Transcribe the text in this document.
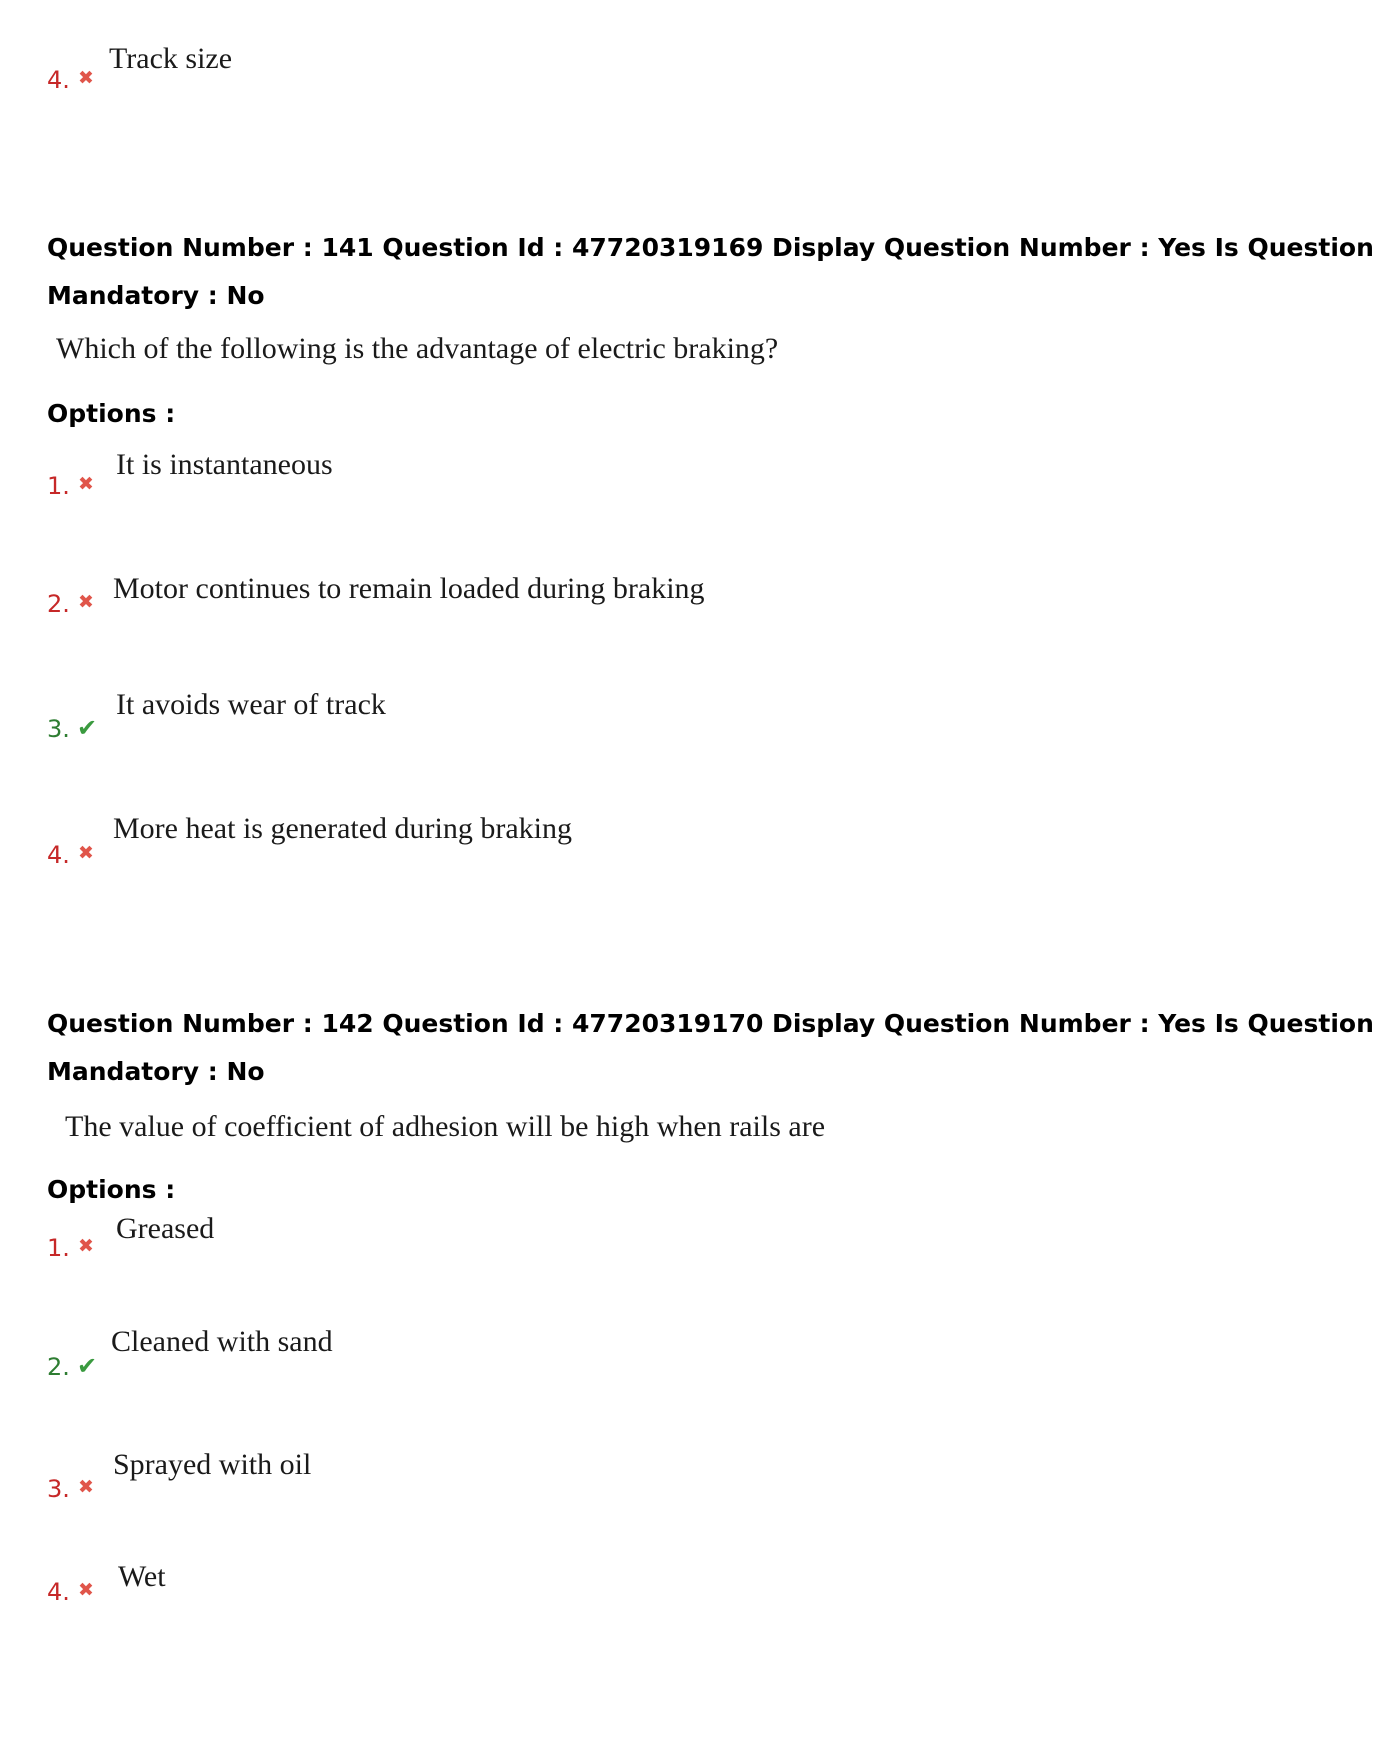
4. ✖
Track size
Question Number : 141 Question Id : 47720319169 Display Question Number : Yes Is Question
Mandatory : No
Which of the following is the advantage of electric braking?
Options :
1. ✖
It is instantaneous
2. ✖ Motor continues to remain loaded during braking
3. ✔
It avoids wear of track
4. ✖
More heat is generated during braking
Question Number : 142 Question Id : 47720319170 Display Question Number : Yes Is Question
Mandatory : No
The value of coefficient of adhesion will be high when rails are
Options :
1. ✖
Greased
2. ✔
Cleaned with sand
3. ✖
Sprayed with oil
4. ✖ Wet
